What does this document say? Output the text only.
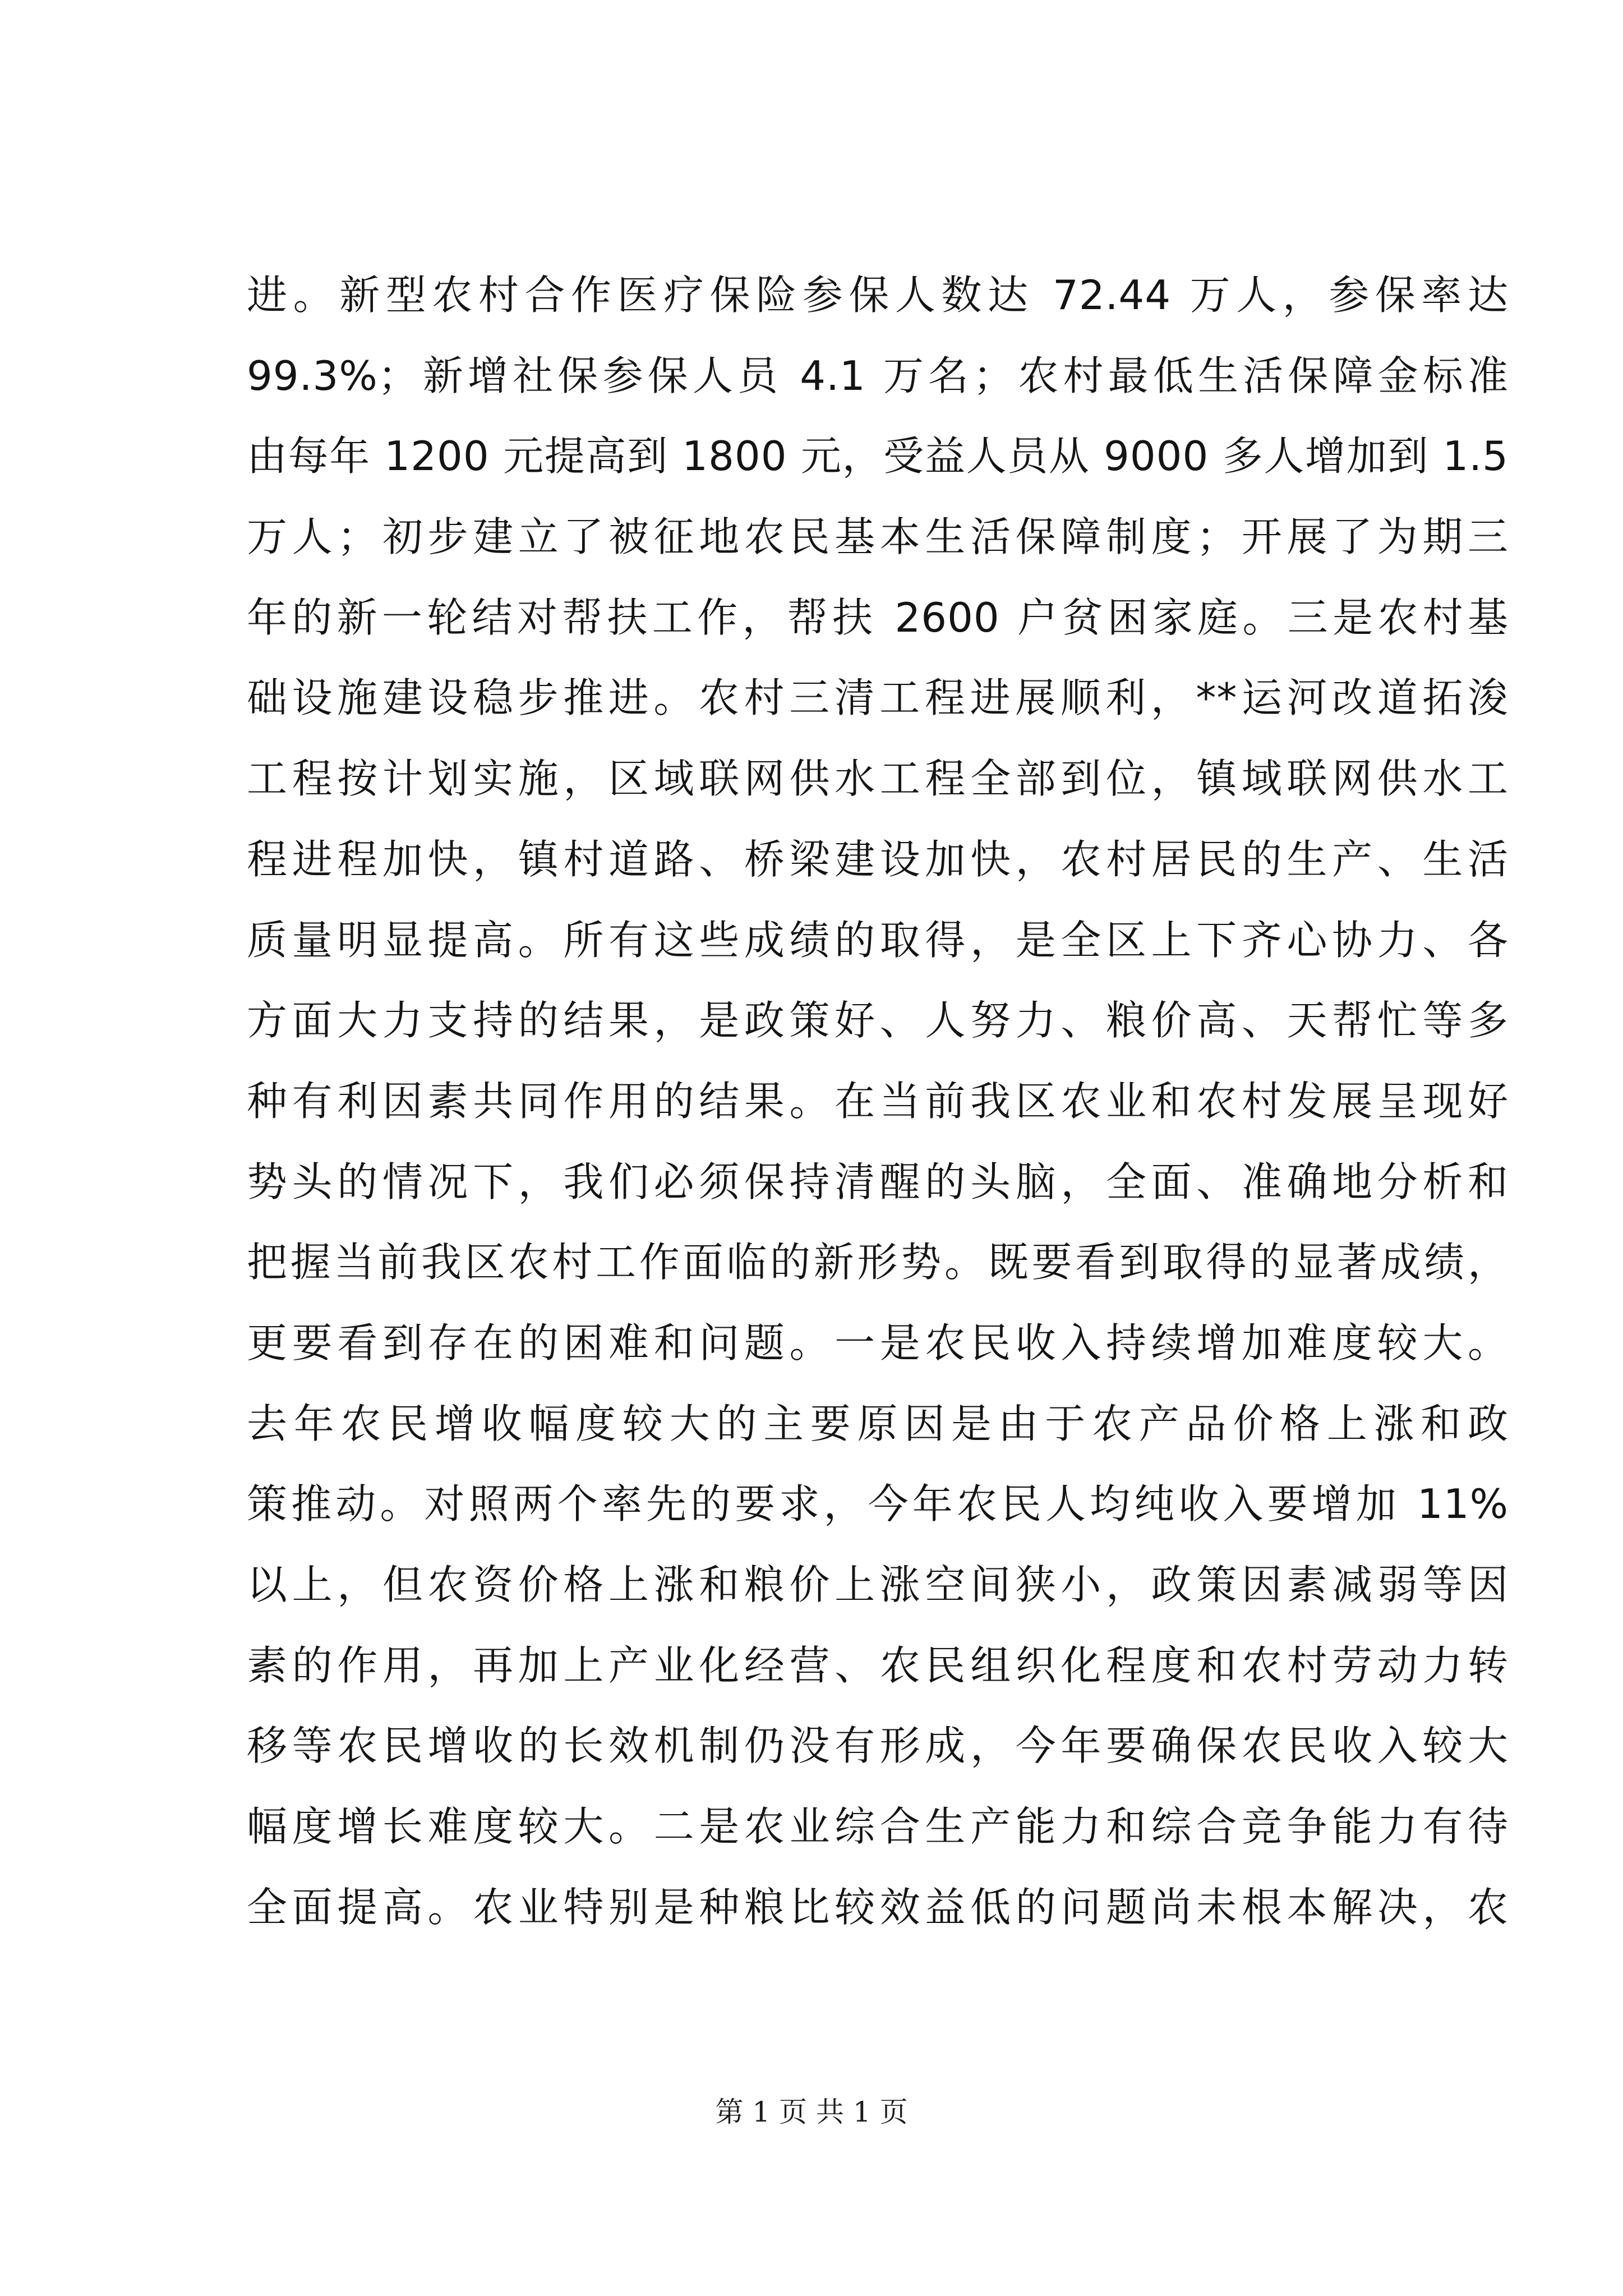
进。新型农村合作医疗保险参保人数达 72.44 万人，参保率达
99.3%；新增社保参保人员 4.1 万名；农村最低生活保障金标准
由每年 1200 元提高到 1800 元，受益人员从 9000 多人增加到 1.5
万人；初步建立了被征地农民基本生活保障制度；开展了为期三
年的新一轮结对帮扶工作，帮扶 2600 户贫困家庭。三是农村基
础设施建设稳步推进。农村三清工程进展顺利，**运河改道拓浚
工程按计划实施，区域联网供水工程全部到位，镇域联网供水工
程进程加快，镇村道路、桥梁建设加快，农村居民的生产、生活
质量明显提高。所有这些成绩的取得，是全区上下齐心协力、各
方面大力支持的结果，是政策好、人努力、粮价高、天帮忙等多
种有利因素共同作用的结果。在当前我区农业和农村发展呈现好
势头的情况下，我们必须保持清醒的头脑，全面、准确地分析和
把握当前我区农村工作面临的新形势。既要看到取得的显著成绩，
更要看到存在的困难和问题。一是农民收入持续增加难度较大。
去年农民增收幅度较大的主要原因是由于农产品价格上涨和政
策推动。对照两个率先的要求，今年农民人均纯收入要增加 11%
以上，但农资价格上涨和粮价上涨空间狭小，政策因素减弱等因
素的作用，再加上产业化经营、农民组织化程度和农村劳动力转
移等农民增收的长效机制仍没有形成，今年要确保农民收入较大
幅度增长难度较大。二是农业综合生产能力和综合竞争能力有待
全面提高。农业特别是种粮比较效益低的问题尚未根本解决，农
第 1 页 共 1 页
